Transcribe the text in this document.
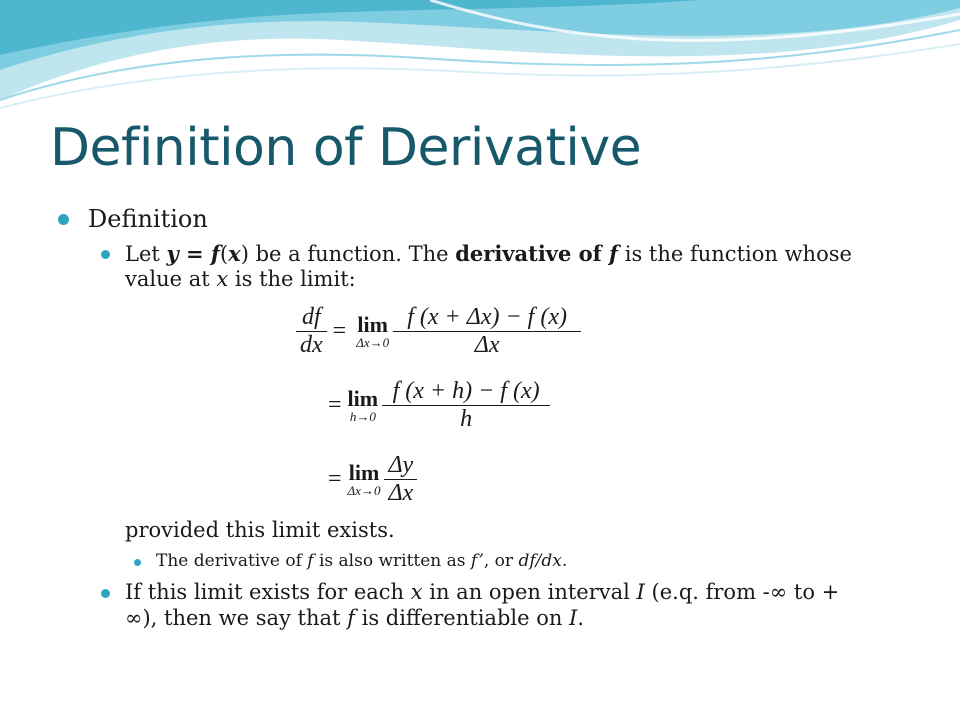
Definition of Derivative
Definition
Let y = f(x) be a function. The derivative of f is the function whose
value at x is the limit:
$\frac{df}{dx} = \lim$
$\Delta x\to 0 \frac{f (x + \Delta x) - f (x)}{\Delta x}$
= lim
$h\to 0 \frac{f (x + h) - f (x)}{h}$
= lim
$\Delta x\to 0 \frac{\Delta y}{\Delta x}$
provided this limit exists.
The derivative of f is also written as f’, or df/dx.
If this limit exists for each x in an open interval I (e.q. from -∞ to +
∞), then we say that f is differentiable on I.
